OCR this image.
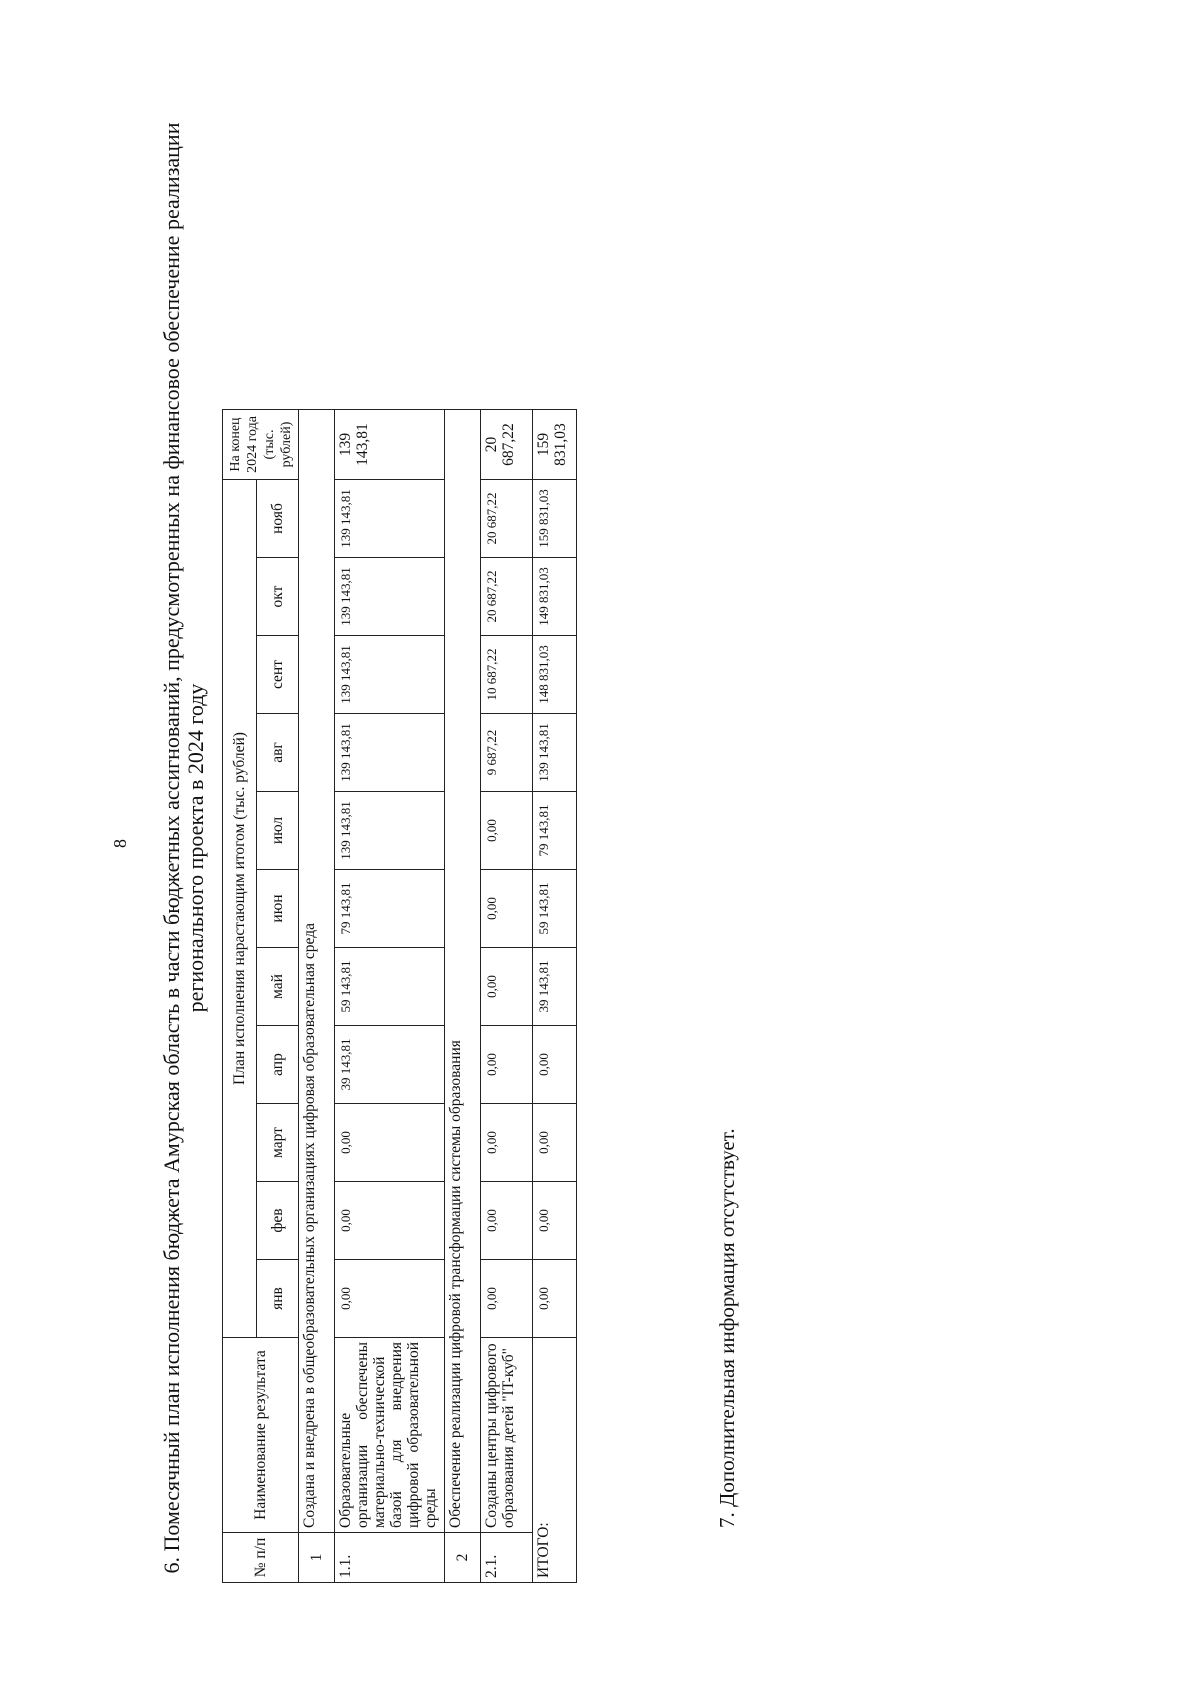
8 6. Помесячный план исполнения бюджета Амурская область в части бюджетных ассигнований, предусмотренных на финансовое обеспечение реализации регионального проекта в 2024 году
№ п/п	Наименование результата	План исполнения нарастающим итогом (тыс. рублей)											На конец 2024 года (тыс. рублей)
		янв	фев	март	апр	май	июн	июл	авг	сент	окт	нояб	
1	Создана и внедрена в общеобразовательных организациях цифровая образовательная среда												
1.1.	Образовательные организации обеспечены материально-технической базой для внедрения цифровой образовательной среды	0,00	0,00	0,00	39 143,81	59 143,81	79 143,81	139 143,81	139 143,81	139 143,81	139 143,81	139 143,81	139 143,81
2	Обеспечение реализации цифровой трансформации системы образования												
2.1.	Созданы центры цифрового образования детей "IT-куб"	0,00	0,00	0,00	0,00	0,00	0,00	0,00	9 687,22	10 687,22	20 687,22	20 687,22	20 687,22
ИТОГО:		0,00	0,00	0,00	0,00	39 143,81	59 143,81	79 143,81	139 143,81	148 831,03	149 831,03	159 831,03	159 831,03
7. Дополнительная информация отсутствует.
